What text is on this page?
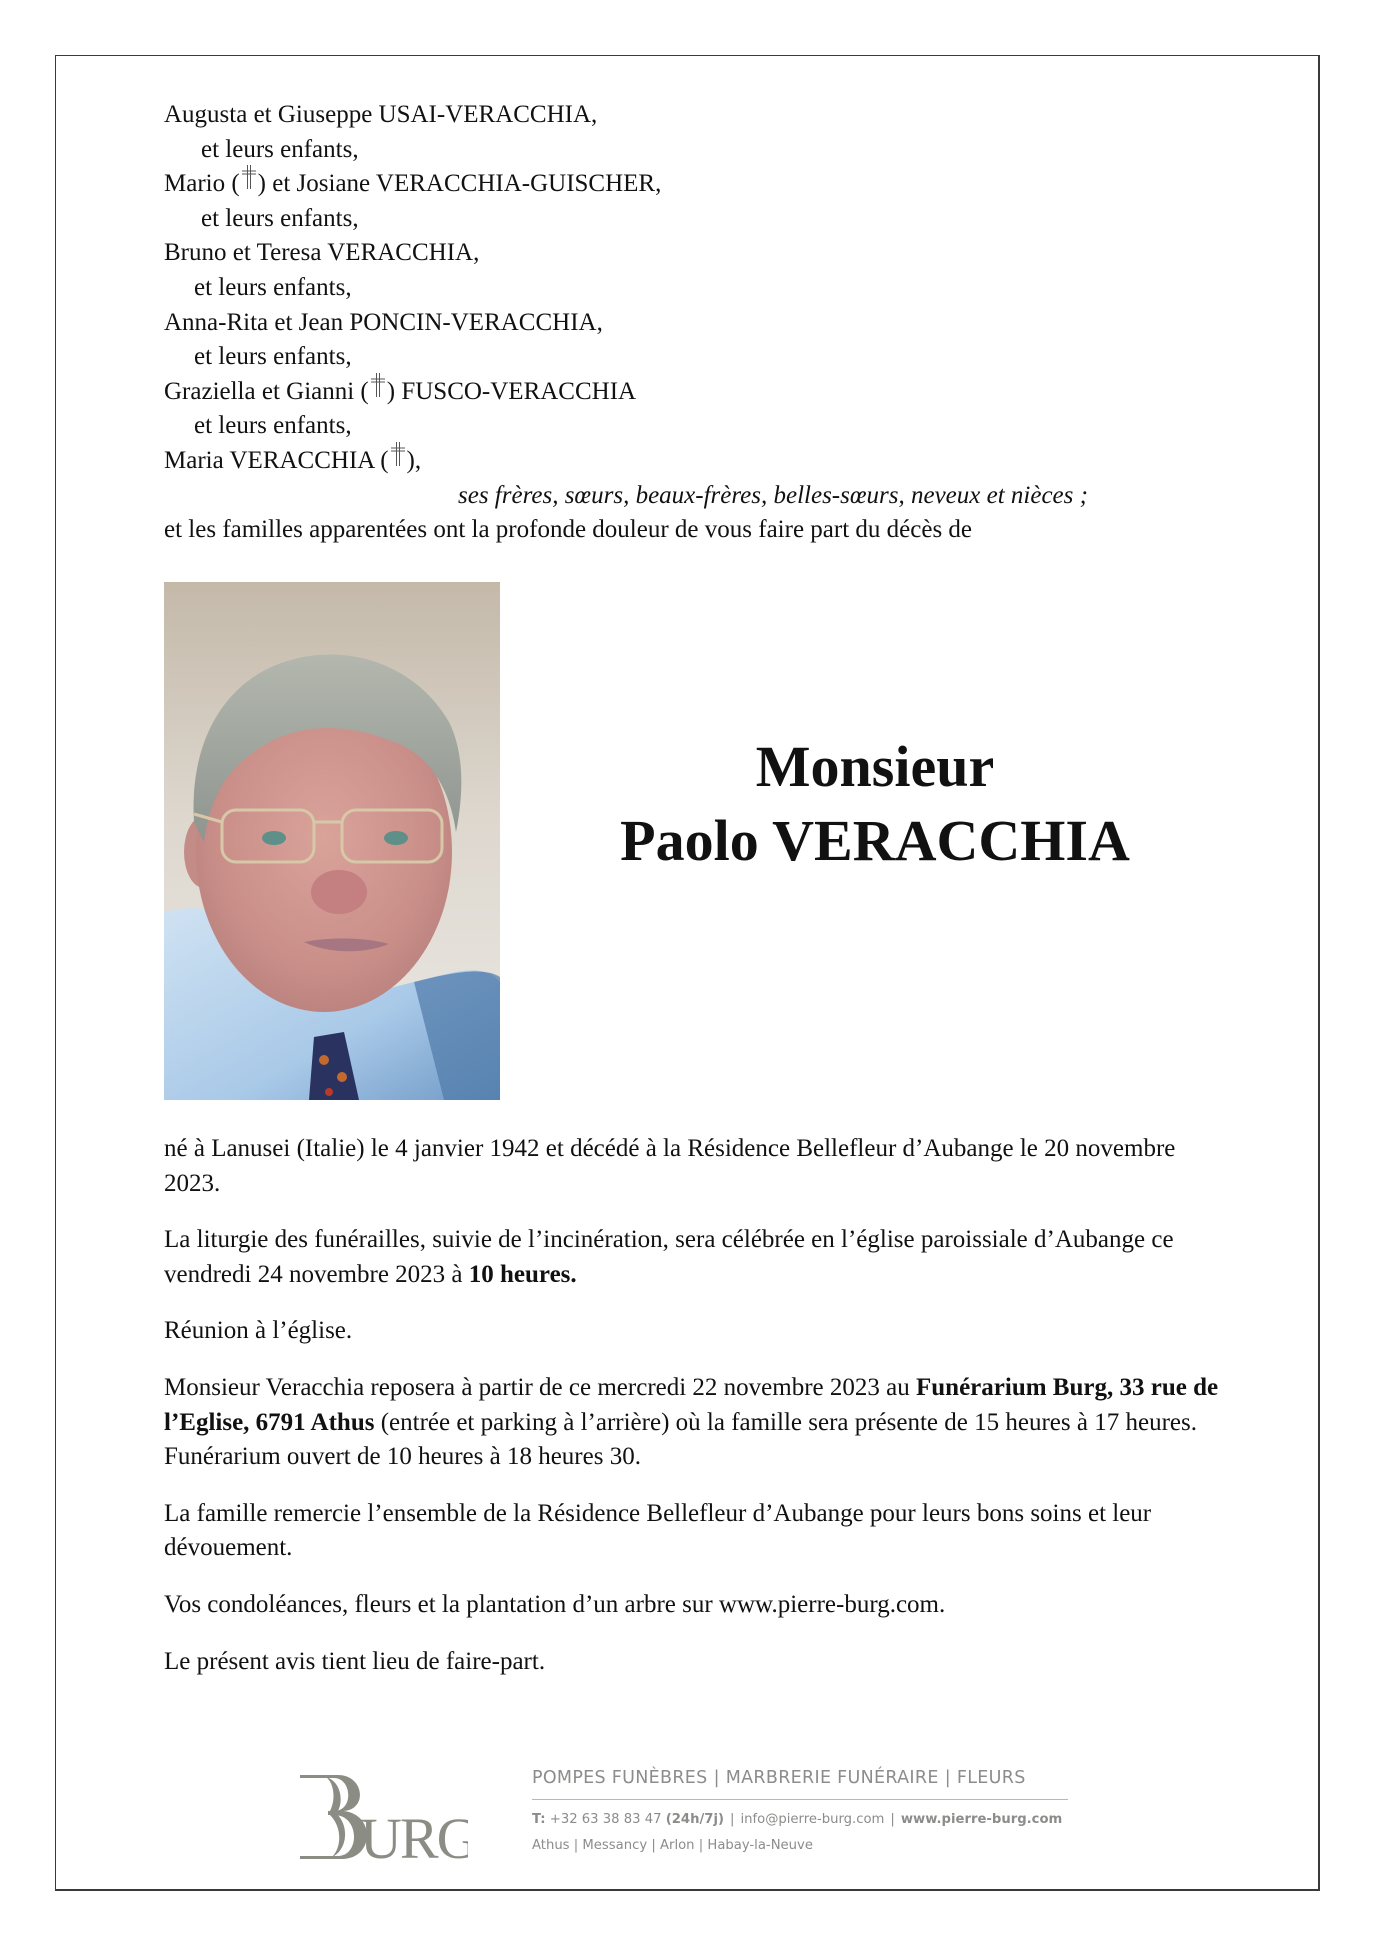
Augusta et Giuseppe USAI-VERACCHIA,
et leurs enfants,
Mario ( ) et Josiane VERACCHIA-GUISCHER,
et leurs enfants,
Bruno et Teresa VERACCHIA,
et leurs enfants,
Anna-Rita et Jean PONCIN-VERACCHIA,
et leurs enfants,
Graziella et Gianni ( ) FUSCO-VERACCHIA
et leurs enfants,
Maria VERACCHIA ( ),
ses frères, sœurs, beaux-frères, belles-sœurs, neveux et nièces ;
et les familles apparentées ont la profonde douleur de vous faire part du décès de
Monsieur
Paolo VERACCHIA

né à Lanusei (Italie) le 4 janvier 1942 et décédé à la Résidence Bellefleur d’Aubange le 20 novembre 2023.

La liturgie des funérailles, suivie de l’incinération, sera célébrée en l’église paroissiale d’Aubange ce vendredi 24 novembre 2023 à 10 heures.

Réunion à l’église.

Monsieur Veracchia reposera à partir de ce mercredi 22 novembre 2023 au Funérarium Burg, 33 rue de l’Eglise, 6791 Athus (entrée et parking à l’arrière) où la famille sera présente de 15 heures à 17 heures. Funérarium ouvert de 10 heures à 18 heures 30.

La famille remercie l’ensemble de la Résidence Bellefleur d’Aubange pour leurs bons soins et leur dévouement.

Vos condoléances, fleurs et la plantation d’un arbre sur www.pierre-burg.com.

Le présent avis tient lieu de faire-part.

URG
POMPES FUNÈBRES | MARBRERIE FUNÉRAIRE | FLEURS
T: +32 63 38 83 47 (24h/7j) | info@pierre-burg.com | www.pierre-burg.com
Athus | Messancy | Arlon | Habay-la-Neuve
